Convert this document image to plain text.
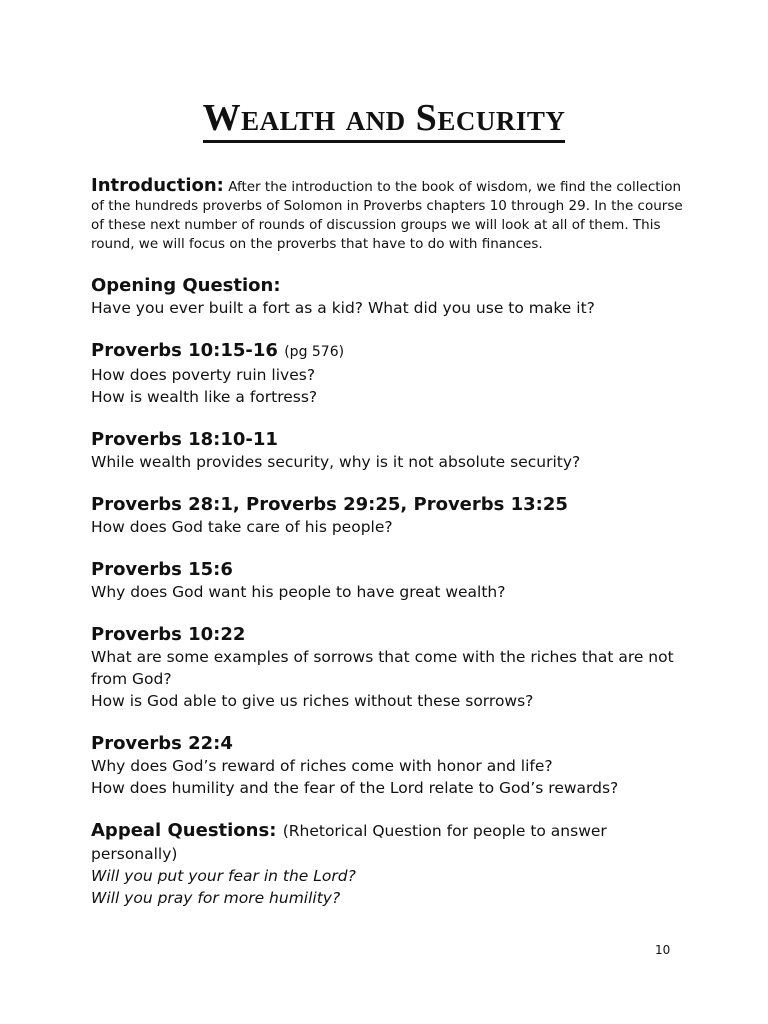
Wealth and Security

Introduction: After the introduction to the book of wisdom, we find the collection of the hundreds proverbs of Solomon in Proverbs chapters 10 through 29. In the course of these next number of rounds of discussion groups we will look at all of them. This round, we will focus on the proverbs that have to do with finances.

Opening Question:
Have you ever built a fort as a kid? What did you use to make it?
Proverbs 10:15-16 (pg 576)
How does poverty ruin lives?
How is wealth like a fortress?
Proverbs 18:10-11
While wealth provides security, why is it not absolute security?
Proverbs 28:1, Proverbs 29:25, Proverbs 13:25
How does God take care of his people?
Proverbs 15:6
Why does God want his people to have great wealth?
Proverbs 10:22
What are some examples of sorrows that come with the riches that are not from God?
How is God able to give us riches without these sorrows?
Proverbs 22:4
Why does God’s reward of riches come with honor and life?
How does humility and the fear of the Lord relate to God’s rewards?
Appeal Questions: (Rhetorical Question for people to answer personally)
Will you put your fear in the Lord?
Will you pray for more humility?
10
